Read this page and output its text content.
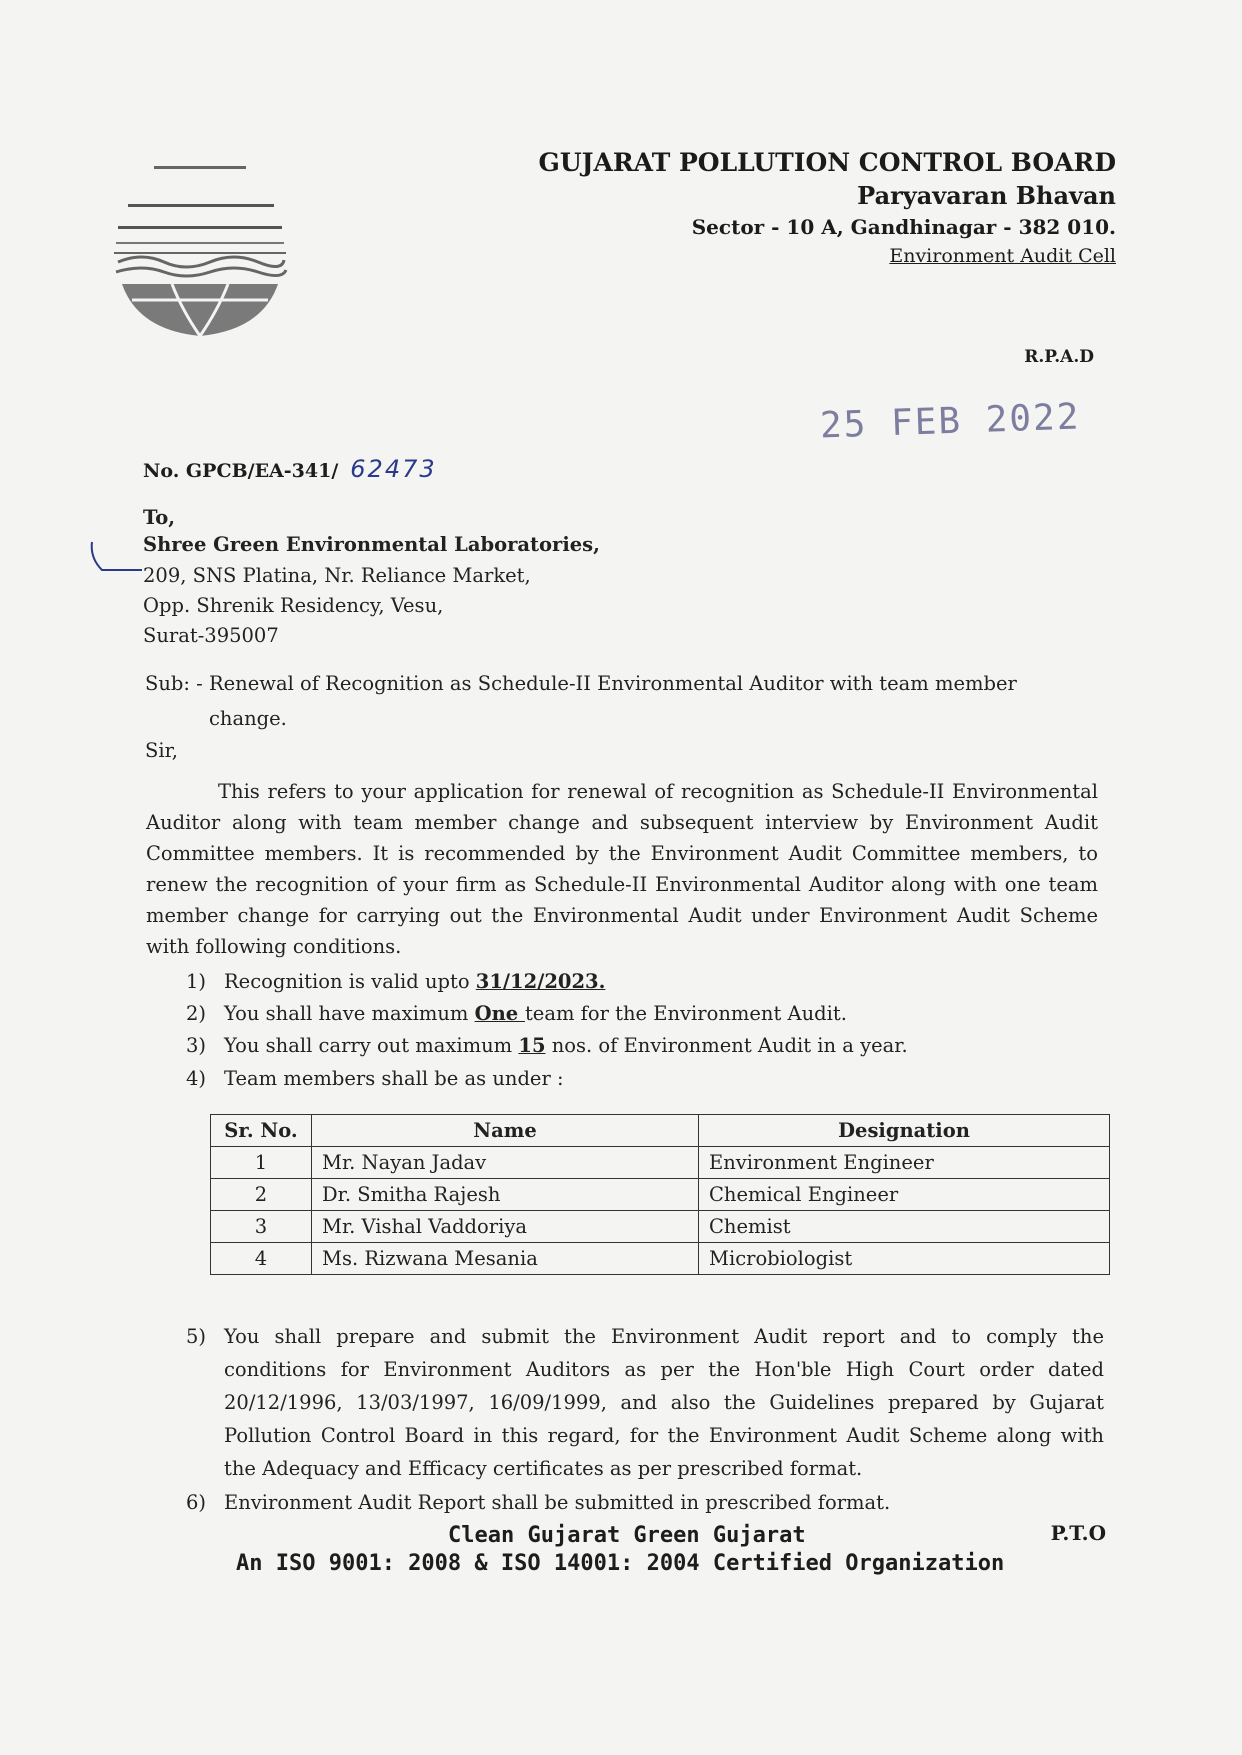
GUJARAT POLLUTION CONTROL BOARD
Paryavaran Bhavan
Sector - 10 A, Gandhinagar - 382 010.
Environment Audit Cell
R.P.A.D
25 FEB 2022
No. GPCB/EA-341/ 62473
To,
Shree Green Environmental Laboratories,
209, SNS Platina, Nr. Reliance Market,
Opp. Shrenik Residency, Vesu,
Surat-395007
Sub: - Renewal of Recognition as Schedule-II Environmental Auditor with team member
change.
Sir,
This refers to your application for renewal of recognition as Schedule-II Environmental Auditor along with team member change and subsequent interview by Environment Audit Committee members. It is recommended by the Environment Audit Committee members, to renew the recognition of your firm as Schedule-II Environmental Auditor along with one team member change for carrying out the Environmental Audit under Environment Audit Scheme with following conditions.
1) Recognition is valid upto 31/12/2023.
2) You shall have maximum One team for the Environment Audit.
3) You shall carry out maximum 15 nos. of Environment Audit in a year.
4) Team members shall be as under :
Sr. No.	Name	Designation
1	Mr. Nayan Jadav	Environment Engineer
2	Dr. Smitha Rajesh	Chemical Engineer
3	Mr. Vishal Vaddoriya	Chemist
4	Ms. Rizwana Mesania	Microbiologist
5) You shall prepare and submit the Environment Audit report and to comply the conditions for Environment Auditors as per the Hon'ble High Court order dated 20/12/1996, 13/03/1997, 16/09/1999, and also the Guidelines prepared by Gujarat Pollution Control Board in this regard, for the Environment Audit Scheme along with the Adequacy and Efficacy certificates as per prescribed format.
6) Environment Audit Report shall be submitted in prescribed format.
Clean Gujarat Green Gujarat	P.T.O
An ISO 9001: 2008 & ISO 14001: 2004 Certified Organization
